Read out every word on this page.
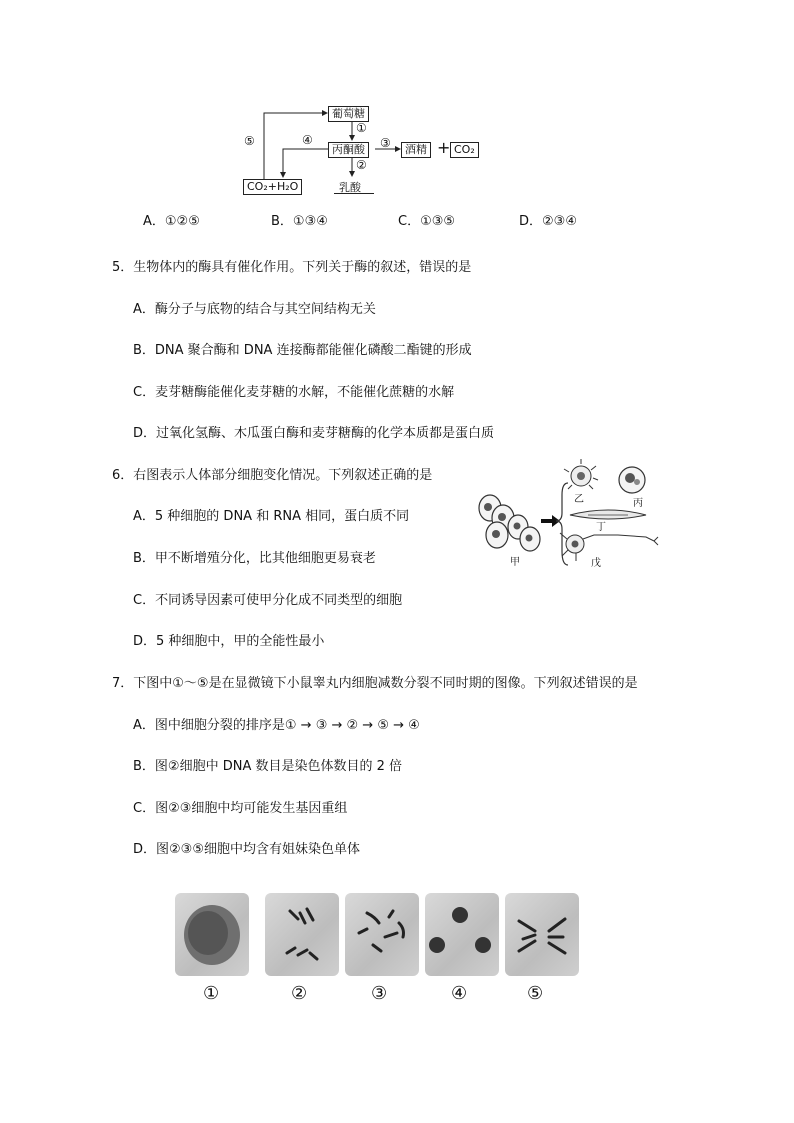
葡萄糖
丙酮酸	酒精 + CO₂
CO₂+H₂O	乳酸
①
②
③
④
⑤
A．①②⑤	B．①③④	C．①③⑤	D．②③④
5．生物体内的酶具有催化作用。下列关于酶的叙述，错误的是
A．酶分子与底物的结合与其空间结构无关
B．DNA 聚合酶和 DNA 连接酶都能催化磷酸二酯键的形成
C．麦芽糖酶能催化麦芽糖的水解，不能催化蔗糖的水解
D．过氧化氢酶、木瓜蛋白酶和麦芽糖酶的化学本质都是蛋白质
6．右图表示人体部分细胞变化情况。下列叙述正确的是
A．5 种细胞的 DNA 和 RNA 相同，蛋白质不同
B．甲不断增殖分化，比其他细胞更易衰老
C．不同诱导因素可使甲分化成不同类型的细胞
D．5 种细胞中，甲的全能性最小
甲
乙	丙
丁
戊
7．下图中①～⑤是在显微镜下小鼠睾丸内细胞减数分裂不同时期的图像。下列叙述错误的是
A．图中细胞分裂的排序是① → ③ → ② → ⑤ → ④
B．图②细胞中 DNA 数目是染色体数目的 2 倍
C．图②③细胞中均可能发生基因重组
D．图②③⑤细胞中均含有姐妹染色单体
①	②	③	④	⑤
